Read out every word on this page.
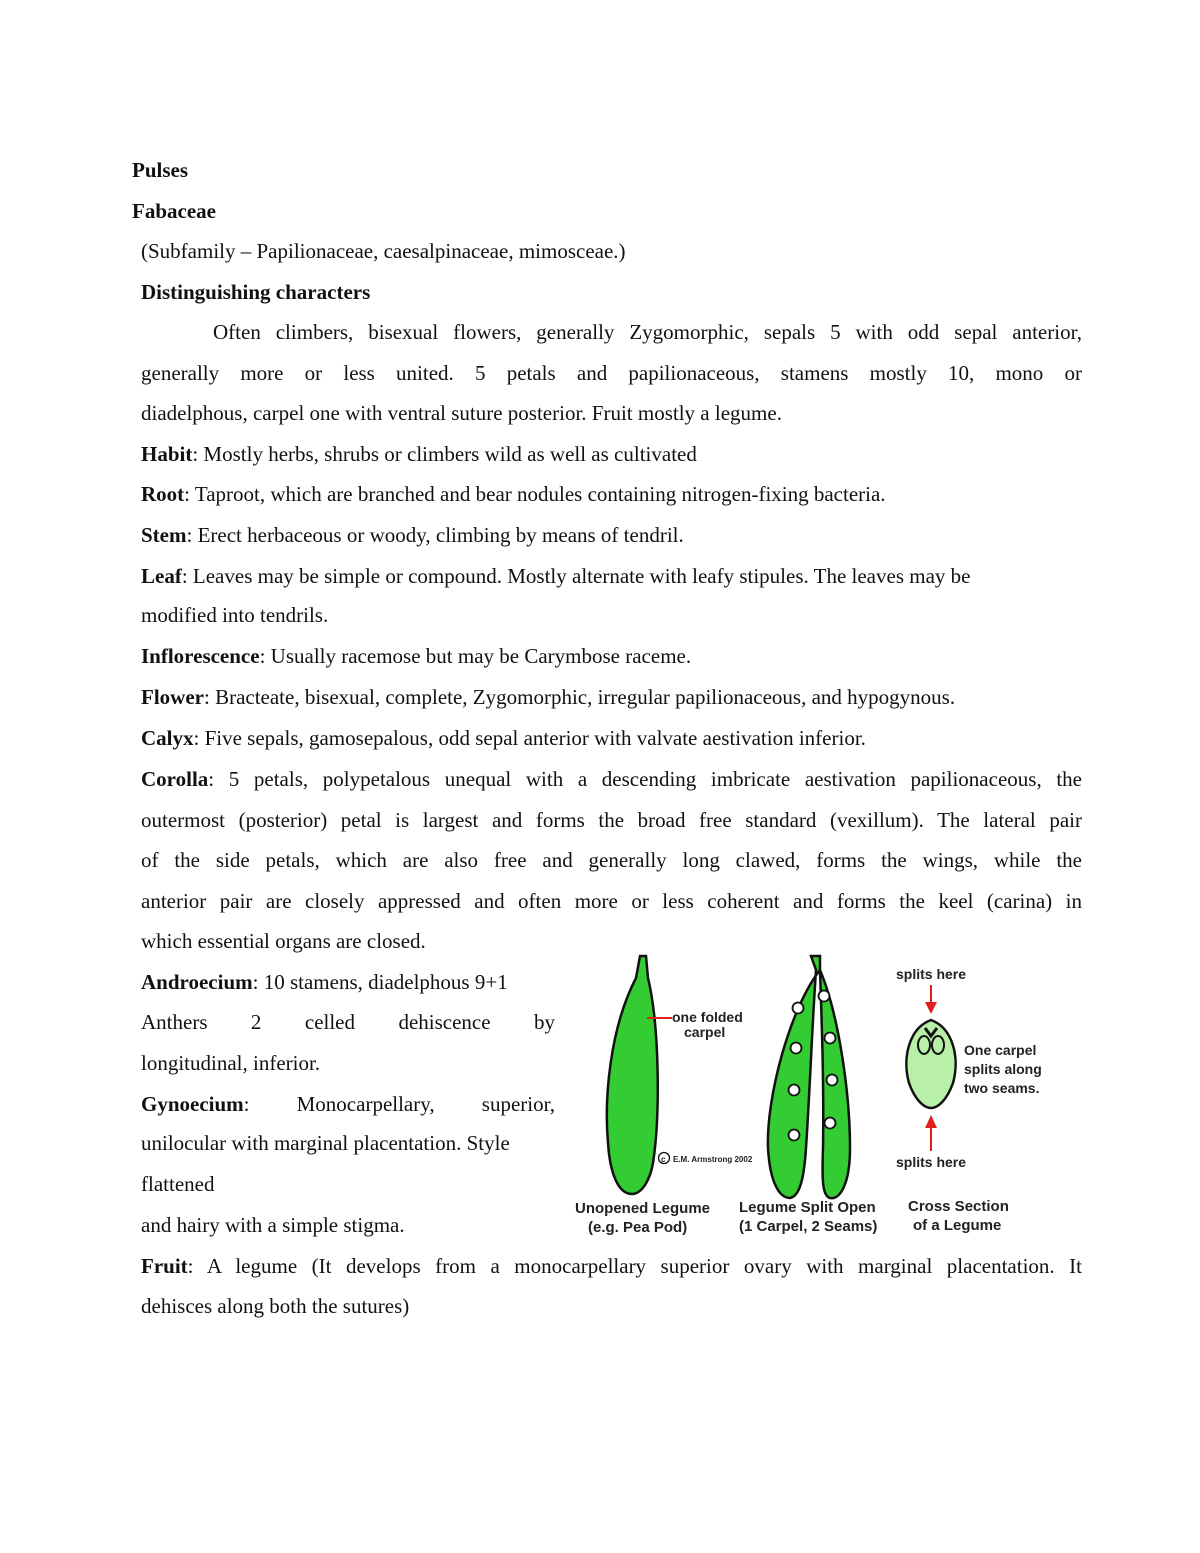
Pulses
Fabaceae
(Subfamily – Papilionaceae, caesalpinaceae, mimosceae.)
Distinguishing characters
Often climbers, bisexual flowers, generally Zygomorphic, sepals 5 with odd sepal anterior,
generally more or less united. 5 petals and papilionaceous, stamens mostly 10, mono or
diadelphous, carpel one with ventral suture posterior. Fruit mostly a legume.
Habit: Mostly herbs, shrubs or climbers wild as well as cultivated
Root: Taproot, which are branched and bear nodules containing nitrogen-fixing bacteria.
Stem: Erect herbaceous or woody, climbing by means of tendril.
Leaf: Leaves may be simple or compound. Mostly alternate with leafy stipules. The leaves may be
modified into tendrils.
Inflorescence: Usually racemose but may be Carymbose raceme.
Flower: Bracteate, bisexual, complete, Zygomorphic, irregular papilionaceous, and hypogynous.
Calyx: Five sepals, gamosepalous, odd sepal anterior with valvate aestivation inferior.
Corolla: 5 petals, polypetalous unequal with a descending imbricate aestivation papilionaceous, the
outermost (posterior) petal is largest and forms the broad free standard (vexillum). The lateral pair
of the side petals, which are also free and generally long clawed, forms the wings, while the
anterior pair are closely appressed and often more or less coherent and forms the keel (carina) in
which essential organs are closed.
Androecium: 10 stamens, diadelphous 9+1
Anthers 2 celled dehiscence by
longitudinal, inferior.
Gynoecium: Monocarpellary, superior,
unilocular with marginal placentation. Style
flattened
and hairy with a simple stigma.
Fruit: A legume (It develops from a monocarpellary superior ovary with marginal placentation. It
dehisces along both the sutures)
one folded
carpel
c E.M. Armstrong 2002
splits here
splits here
One carpel
splits along
two seams.
Unopened Legume
(e.g. Pea Pod)
Legume Split Open
(1 Carpel, 2 Seams)
Cross Section
of a Legume
